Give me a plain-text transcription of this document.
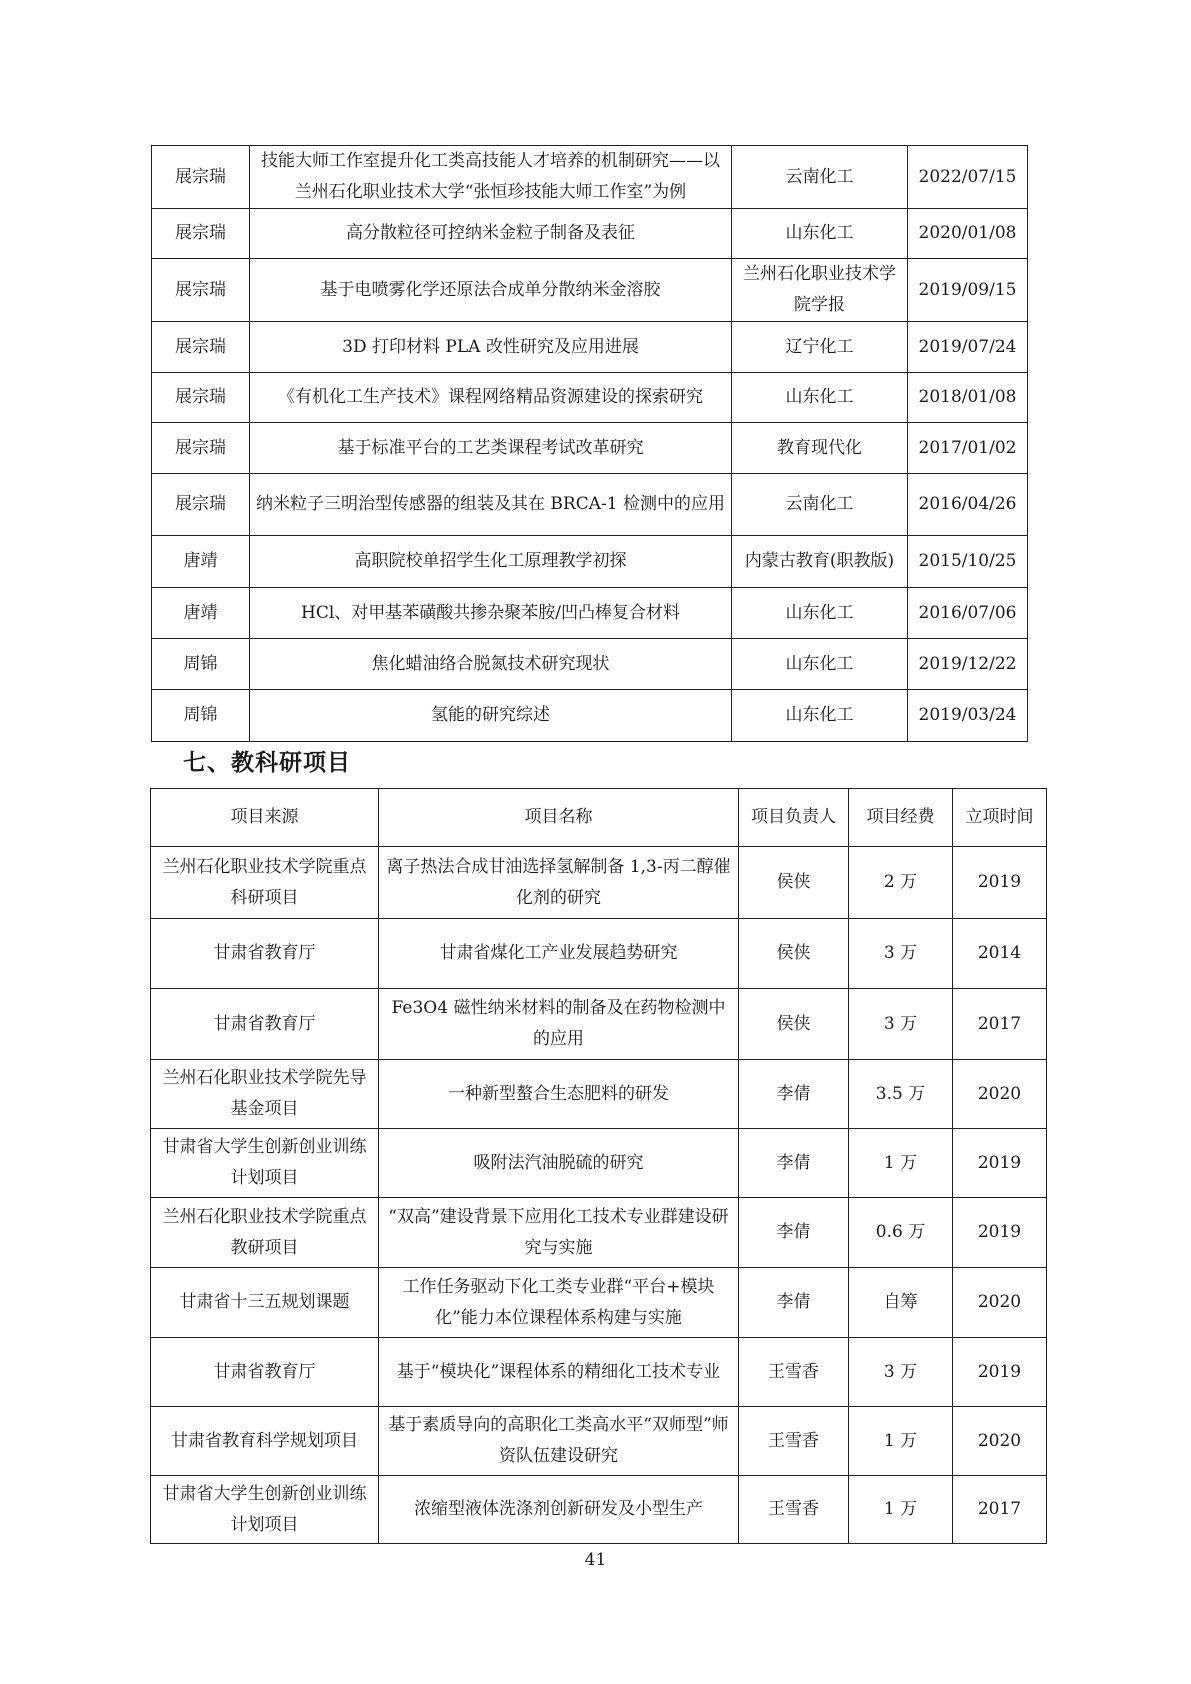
展宗瑞	技能大师工作室提升化工类高技能人才培养的机制研究——以兰州石化职业技术大学“张恒珍技能大师工作室”为例	云南化工	2022/07/15
展宗瑞	高分散粒径可控纳米金粒子制备及表征	山东化工	2020/01/08
展宗瑞	基于电喷雾化学还原法合成单分散纳米金溶胶	兰州石化职业技术学院学报	2019/09/15
展宗瑞	3D 打印材料 PLA 改性研究及应用进展	辽宁化工	2019/07/24
展宗瑞	《有机化工生产技术》课程网络精品资源建设的探索研究	山东化工	2018/01/08
展宗瑞	基于标准平台的工艺类课程考试改革研究	教育现代化	2017/01/02
展宗瑞	纳米粒子三明治型传感器的组装及其在 BRCA-1 检测中的应用	云南化工	2016/04/26
唐靖	高职院校单招学生化工原理教学初探	内蒙古教育(职教版)	2015/10/25
唐靖	HCl、对甲基苯磺酸共掺杂聚苯胺/凹凸棒复合材料	山东化工	2016/07/06
周锦	焦化蜡油络合脱氮技术研究现状	山东化工	2019/12/22
周锦	氢能的研究综述	山东化工	2019/03/24
七、教科研项目
项目来源	项目名称	项目负责人	项目经费	立项时间
兰州石化职业技术学院重点科研项目	离子热法合成甘油选择氢解制备 1,3-丙二醇催化剂的研究	侯侠	2 万	2019
甘肃省教育厅	甘肃省煤化工产业发展趋势研究	侯侠	3 万	2014
甘肃省教育厅	Fe3O4 磁性纳米材料的制备及在药物检测中的应用	侯侠	3 万	2017
兰州石化职业技术学院先导基金项目	一种新型螯合生态肥料的研发	李倩	3.5 万	2020
甘肃省大学生创新创业训练计划项目	吸附法汽油脱硫的研究	李倩	1 万	2019
兰州石化职业技术学院重点教研项目	“双高”建设背景下应用化工技术专业群建设研究与实施	李倩	0.6 万	2019
甘肃省十三五规划课题	工作任务驱动下化工类专业群“平台+模块化”能力本位课程体系构建与实施	李倩	自筹	2020
甘肃省教育厅	基于“模块化”课程体系的精细化工技术专业	王雪香	3 万	2019
甘肃省教育科学规划项目	基于素质导向的高职化工类高水平“双师型”师资队伍建设研究	王雪香	1 万	2020
甘肃省大学生创新创业训练计划项目	浓缩型液体洗涤剂创新研发及小型生产	王雪香	1 万	2017
41
